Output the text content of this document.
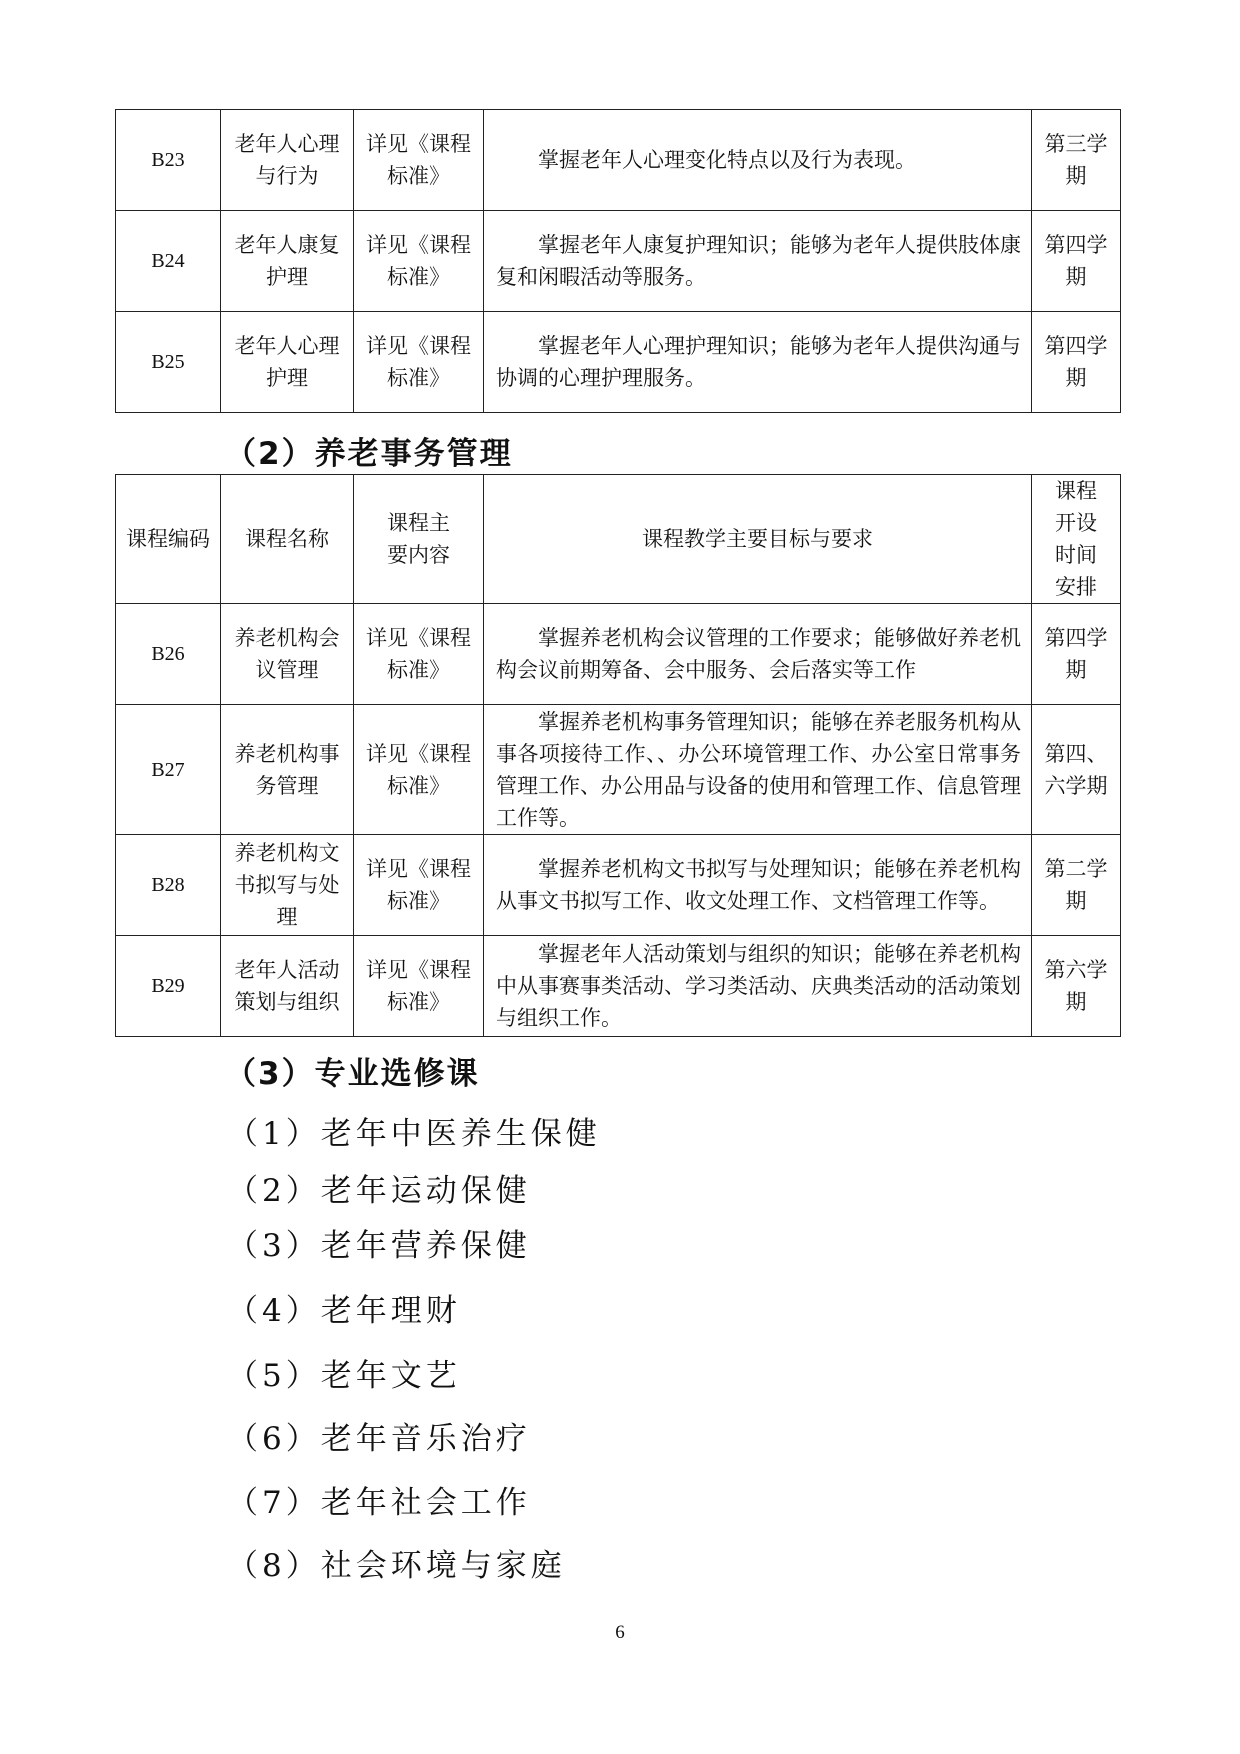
B23	老年人心理与行为	详见《课程标准》	掌握老年人心理变化特点以及行为表现。	第三学期
B24	老年人康复护理	详见《课程标准》	掌握老年人康复护理知识；能够为老年人提供肢体康复和闲暇活动等服务。	第四学期
B25	老年人心理护理	详见《课程标准》	掌握老年人心理护理知识；能够为老年人提供沟通与协调的心理护理服务。	第四学期
（2）养老事务管理
课程编码	课程名称	课程主要内容	课程教学主要目标与要求	课程开设时间安排
B26	养老机构会议管理	详见《课程标准》	掌握养老机构会议管理的工作要求；能够做好养老机构会议前期筹备、会中服务、会后落实等工作	第四学期
B27	养老机构事务管理	详见《课程标准》	掌握养老机构事务管理知识；能够在养老服务机构从事各项接待工作、、办公环境管理工作、办公室日常事务管理工作、办公用品与设备的使用和管理工作、信息管理工作等。	第四、六学期
B28	养老机构文书拟写与处理	详见《课程标准》	掌握养老机构文书拟写与处理知识；能够在养老机构从事文书拟写工作、收文处理工作、文档管理工作等。	第二学期
B29	老年人活动策划与组织	详见《课程标准》	掌握老年人活动策划与组织的知识；能够在养老机构中从事赛事类活动、学习类活动、庆典类活动的活动策划与组织工作。	第六学期
（3）专业选修课

（1）老年中医养生保健

（2）老年运动保健

（3）老年营养保健

（4）老年理财

（5）老年文艺

（6）老年音乐治疗

（7）老年社会工作

（8）社会环境与家庭

6
